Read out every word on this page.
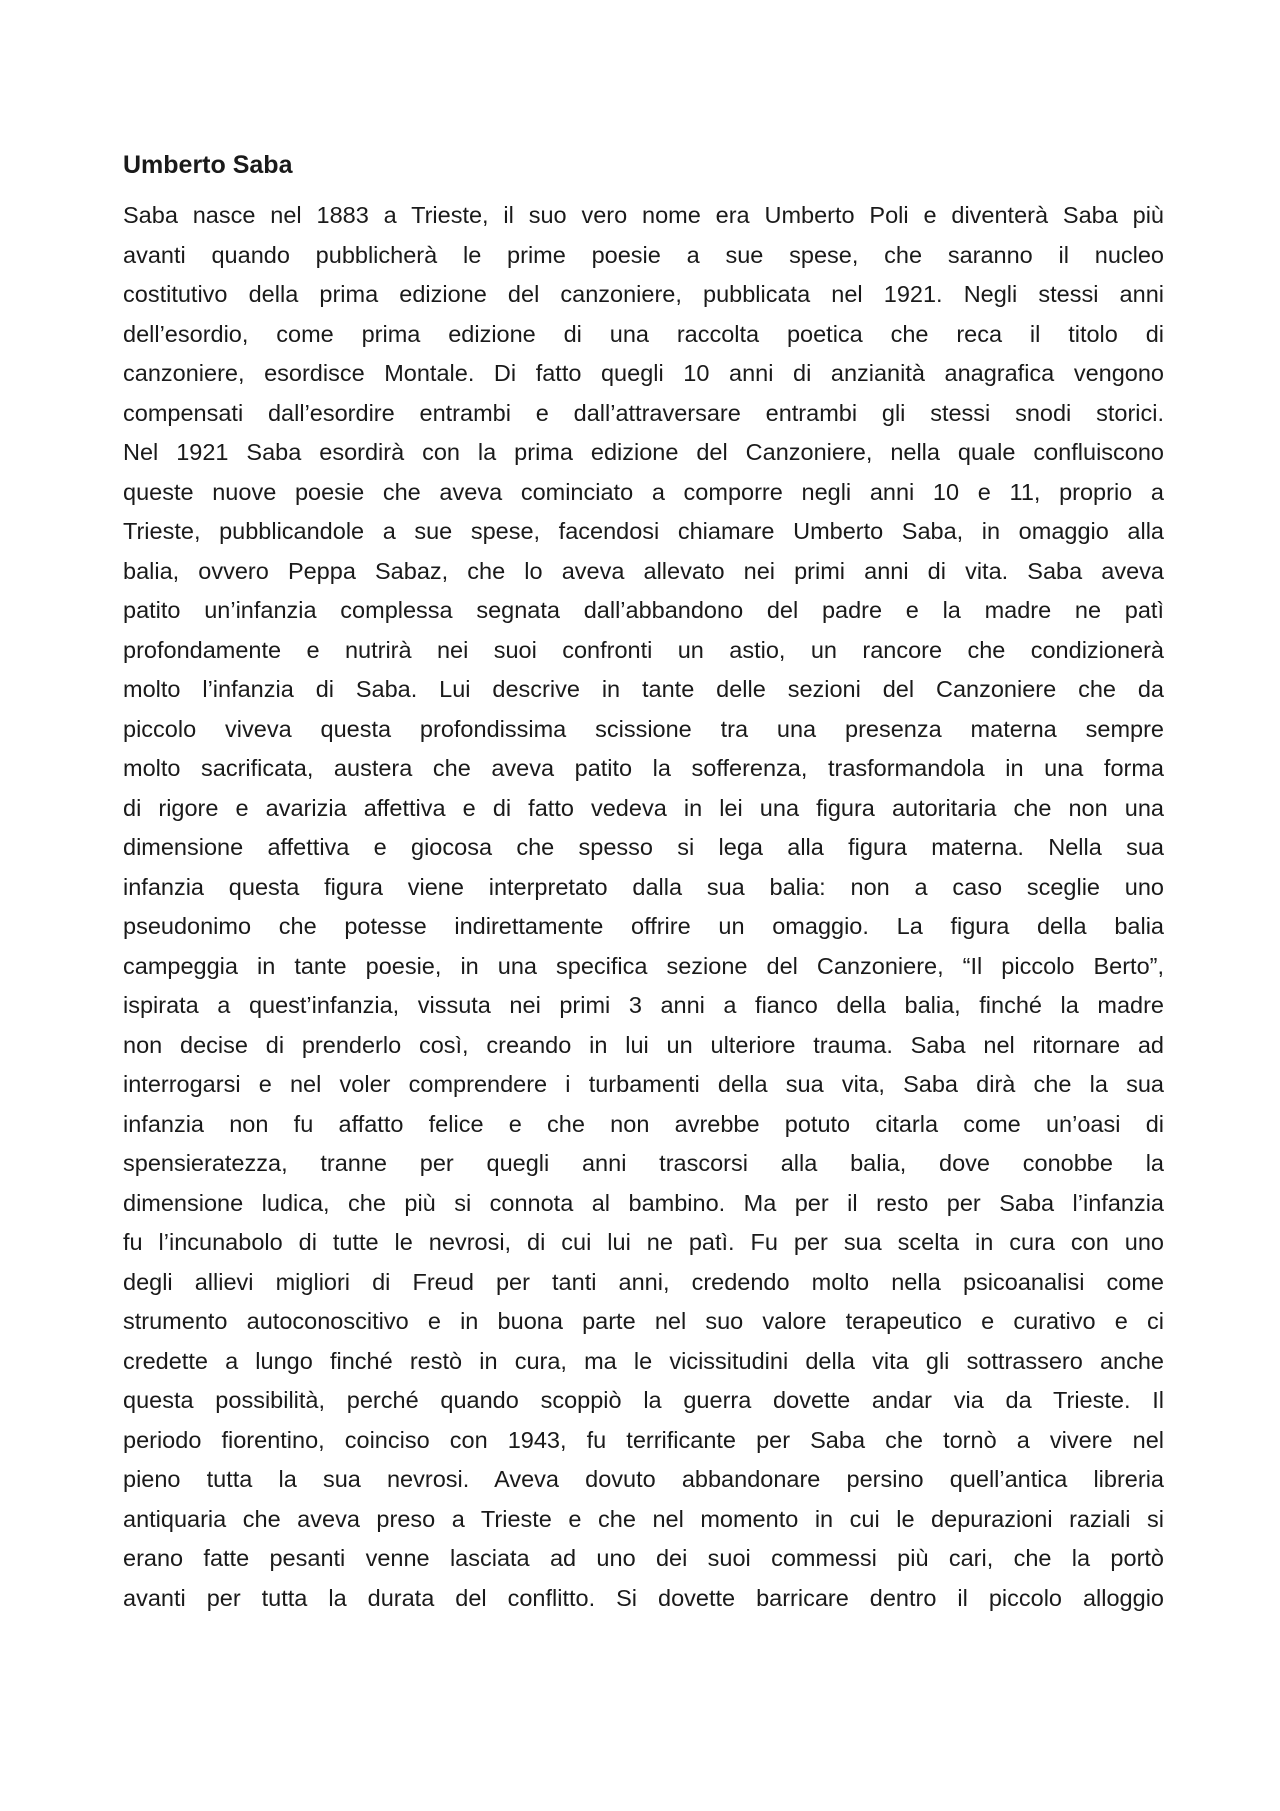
Umberto Saba
Saba nasce nel 1883 a Trieste, il suo vero nome era Umberto Poli e diventerà Saba più
avanti quando pubblicherà le prime poesie a sue spese, che saranno il nucleo
costitutivo della prima edizione del canzoniere, pubblicata nel 1921. Negli stessi anni
dell’esordio, come prima edizione di una raccolta poetica che reca il titolo di
canzoniere, esordisce Montale. Di fatto quegli 10 anni di anzianità anagrafica vengono
compensati dall’esordire entrambi e dall’attraversare entrambi gli stessi snodi storici.
Nel 1921 Saba esordirà con la prima edizione del Canzoniere, nella quale confluiscono
queste nuove poesie che aveva cominciato a comporre negli anni 10 e 11, proprio a
Trieste, pubblicandole a sue spese, facendosi chiamare Umberto Saba, in omaggio alla
balia, ovvero Peppa Sabaz, che lo aveva allevato nei primi anni di vita. Saba aveva
patito un’infanzia complessa segnata dall’abbandono del padre e la madre ne patì
profondamente e nutrirà nei suoi confronti un astio, un rancore che condizionerà
molto l’infanzia di Saba. Lui descrive in tante delle sezioni del Canzoniere che da
piccolo viveva questa profondissima scissione tra una presenza materna sempre
molto sacrificata, austera che aveva patito la sofferenza, trasformandola in una forma
di rigore e avarizia affettiva e di fatto vedeva in lei una figura autoritaria che non una
dimensione affettiva e giocosa che spesso si lega alla figura materna. Nella sua
infanzia questa figura viene interpretato dalla sua balia: non a caso sceglie uno
pseudonimo che potesse indirettamente offrire un omaggio. La figura della balia
campeggia in tante poesie, in una specifica sezione del Canzoniere, “Il piccolo Berto”,
ispirata a quest’infanzia, vissuta nei primi 3 anni a fianco della balia, finché la madre
non decise di prenderlo così, creando in lui un ulteriore trauma. Saba nel ritornare ad
interrogarsi e nel voler comprendere i turbamenti della sua vita, Saba dirà che la sua
infanzia non fu affatto felice e che non avrebbe potuto citarla come un’oasi di
spensieratezza, tranne per quegli anni trascorsi alla balia, dove conobbe la
dimensione ludica, che più si connota al bambino. Ma per il resto per Saba l’infanzia
fu l’incunabolo di tutte le nevrosi, di cui lui ne patì. Fu per sua scelta in cura con uno
degli allievi migliori di Freud per tanti anni, credendo molto nella psicoanalisi come
strumento autoconoscitivo e in buona parte nel suo valore terapeutico e curativo e ci
credette a lungo finché restò in cura, ma le vicissitudini della vita gli sottrassero anche
questa possibilità, perché quando scoppiò la guerra dovette andar via da Trieste. Il
periodo fiorentino, coinciso con 1943, fu terrificante per Saba che tornò a vivere nel
pieno tutta la sua nevrosi. Aveva dovuto abbandonare persino quell’antica libreria
antiquaria che aveva preso a Trieste e che nel momento in cui le depurazioni raziali si
erano fatte pesanti venne lasciata ad uno dei suoi commessi più cari, che la portò
avanti per tutta la durata del conflitto. Si dovette barricare dentro il piccolo alloggio
